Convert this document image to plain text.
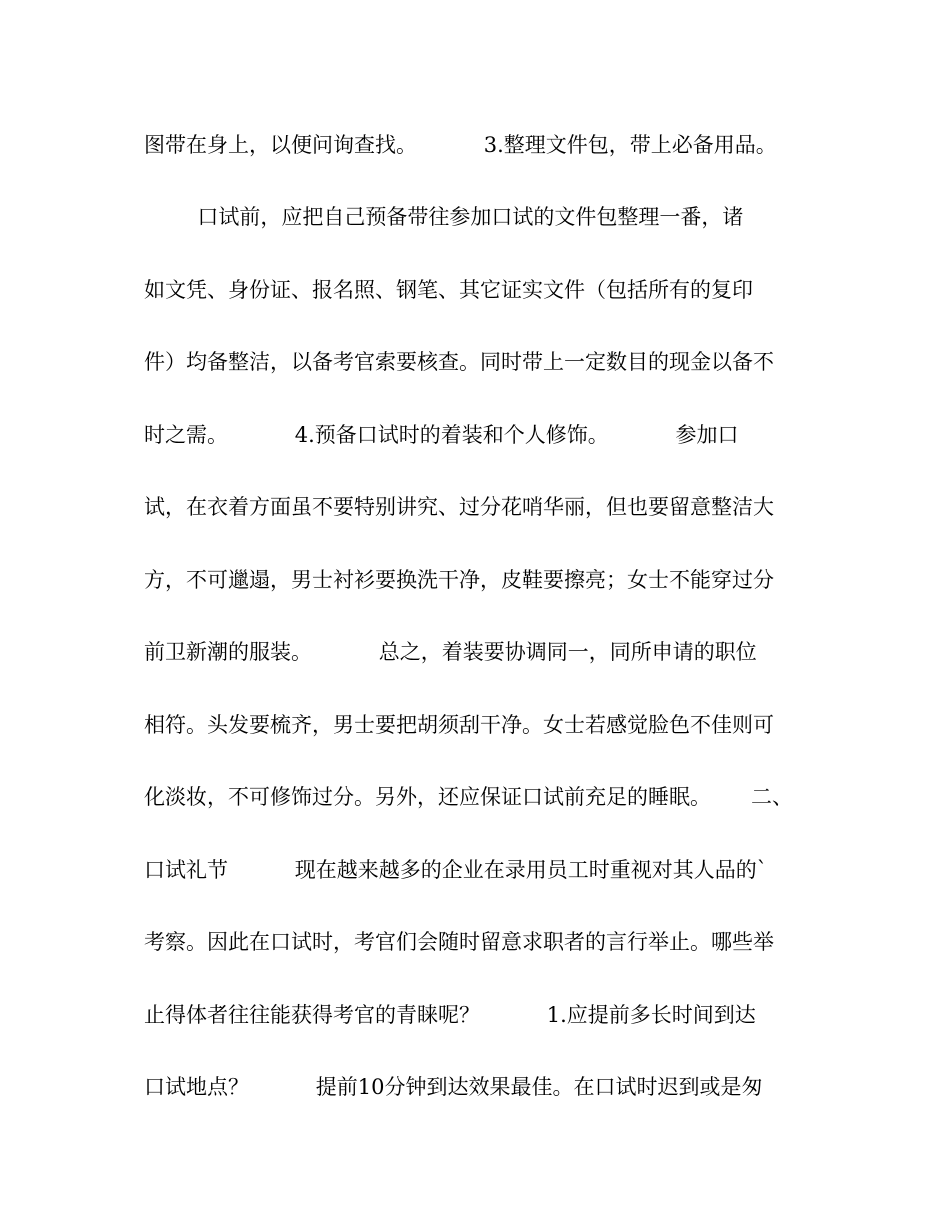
图带在身上，以便问询查找。          3.整理文件包，带上必备用品。

口试前，应把自己预备带往参加口试的文件包整理一番，诸

如文凭、身份证、报名照、钢笔、其它证实文件（包括所有的复印

件）均备整洁，以备考官索要核查。同时带上一定数目的现金以备不

时之需。          4.预备口试时的着装和个人修饰。          参加口

试，在衣着方面虽不要特别讲究、过分花哨华丽，但也要留意整洁大

方，不可邋遢，男士衬衫要换洗干净，皮鞋要擦亮；女士不能穿过分

前卫新潮的服装。          总之，着装要协调同一，同所申请的职位

相符。头发要梳齐，男士要把胡须刮干净。女士若感觉脸色不佳则可

化淡妆，不可修饰过分。另外，还应保证口试前充足的睡眠。      二、

口试礼节          现在越来越多的企业在录用员工时重视对其人品的`

考察。因此在口试时，考官们会随时留意求职者的言行举止。哪些举

止得体者往往能获得考官的青睐呢？          1.应提前多长时间到达

口试地点？          提前10分钟到达效果最佳。在口试时迟到或是匆
